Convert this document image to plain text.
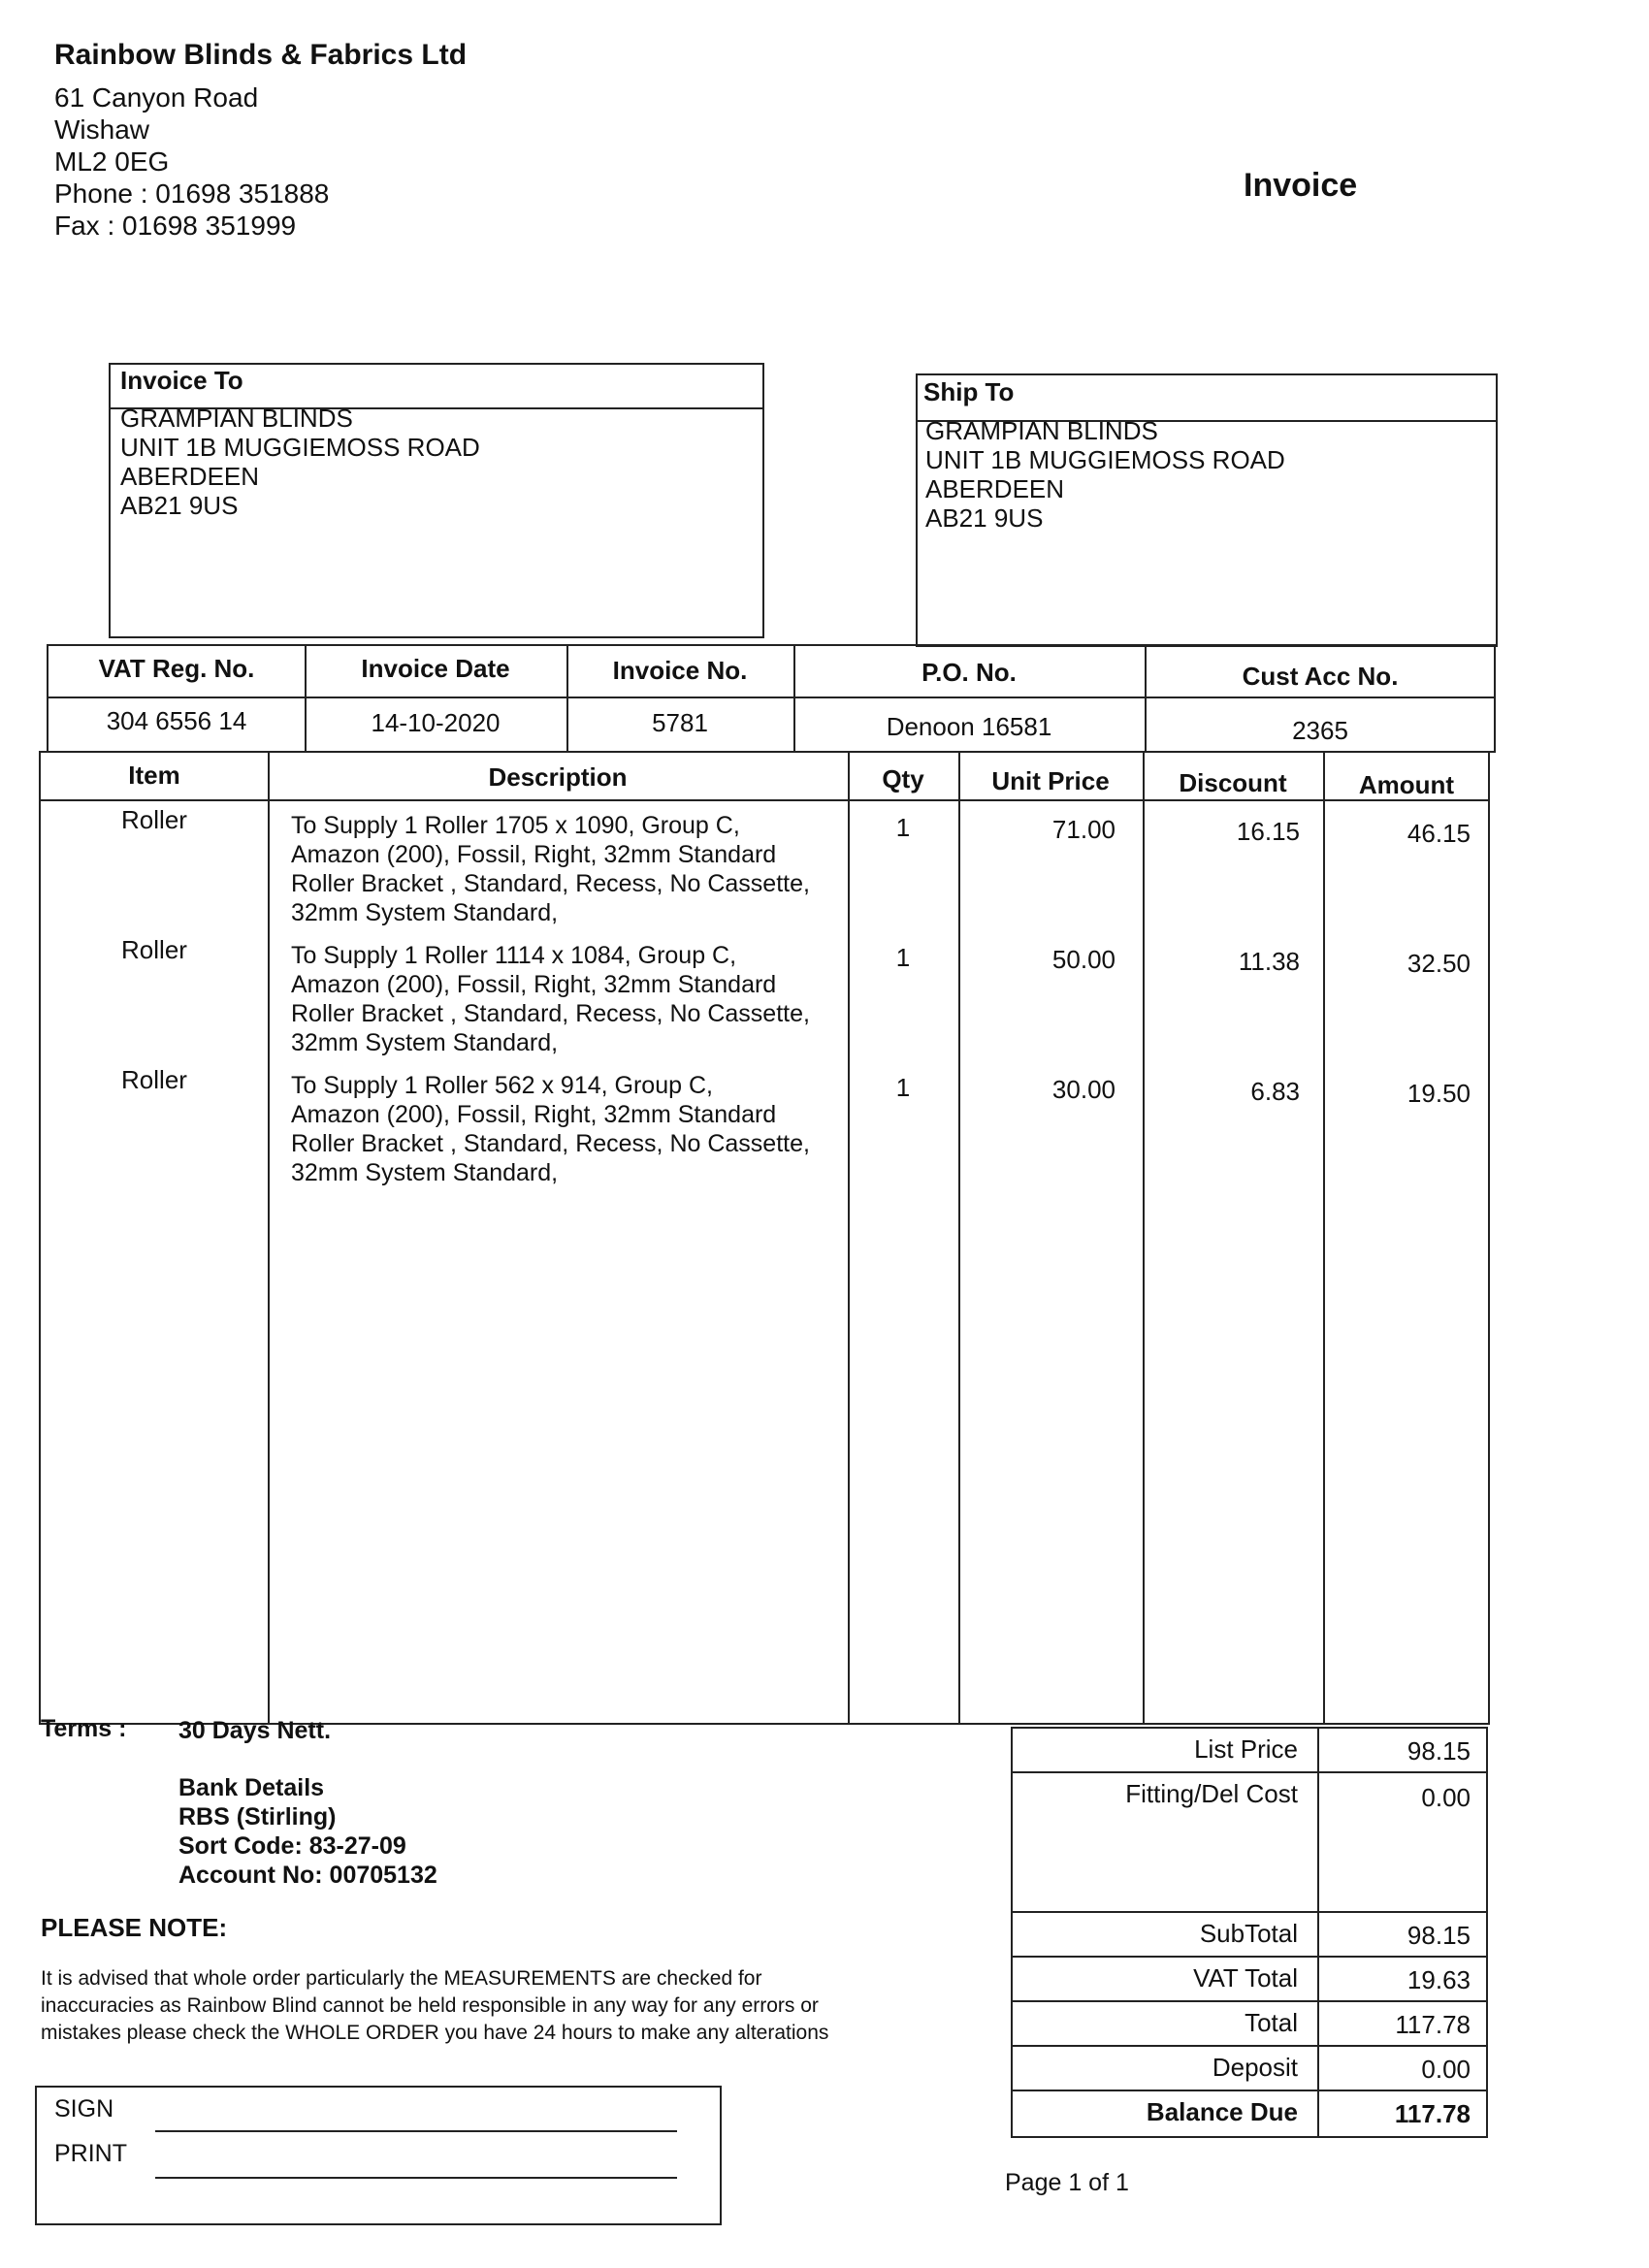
Rainbow Blinds & Fabrics Ltd
61 Canyon Road
Wishaw
ML2 0EG
Phone : 01698 351888
Fax : 01698 351999
Invoice
Invoice To
GRAMPIAN BLINDS
UNIT 1B MUGGIEMOSS ROAD
ABERDEEN
AB21 9US
Ship To
GRAMPIAN BLINDS
UNIT 1B MUGGIEMOSS ROAD
ABERDEEN
AB21 9US
VAT Reg. No.	Invoice Date	Invoice No.	P.O. No.	Cust Acc No.
304 6556 14	14-10-2020	5781	Denoon 16581	2365
Item	Description	Qty	Unit Price	Discount	Amount
Roller	To Supply 1 Roller 1705 x 1090, Group C,
Amazon (200), Fossil, Right, 32mm Standard
Roller Bracket , Standard, Recess, No Cassette,
32mm System Standard,
1	71.00	16.15	46.15
Roller	To Supply 1 Roller 1114 x 1084, Group C,
Amazon (200), Fossil, Right, 32mm Standard
Roller Bracket , Standard, Recess, No Cassette,
32mm System Standard,
1	50.00	11.38	32.50
Roller	To Supply 1 Roller 562 x 914, Group C,
Amazon (200), Fossil, Right, 32mm Standard
Roller Bracket , Standard, Recess, No Cassette,
32mm System Standard,
1	30.00	6.83	19.50
Terms : 30 Days Nett.
Bank Details
RBS (Stirling)
Sort Code: 83-27-09
Account No: 00705132
PLEASE NOTE:
It is advised that whole order particularly the MEASUREMENTS are checked for
inaccuracies as Rainbow Blind cannot be held responsible in any way for any errors or
mistakes please check the WHOLE ORDER you have 24 hours to make any alterations
SIGN
PRINT
List Price	98.15
Fitting/Del Cost	0.00
SubTotal	98.15
VAT Total	19.63
Total	117.78
Deposit	0.00
Balance Due	117.78
Page 1 of 1
